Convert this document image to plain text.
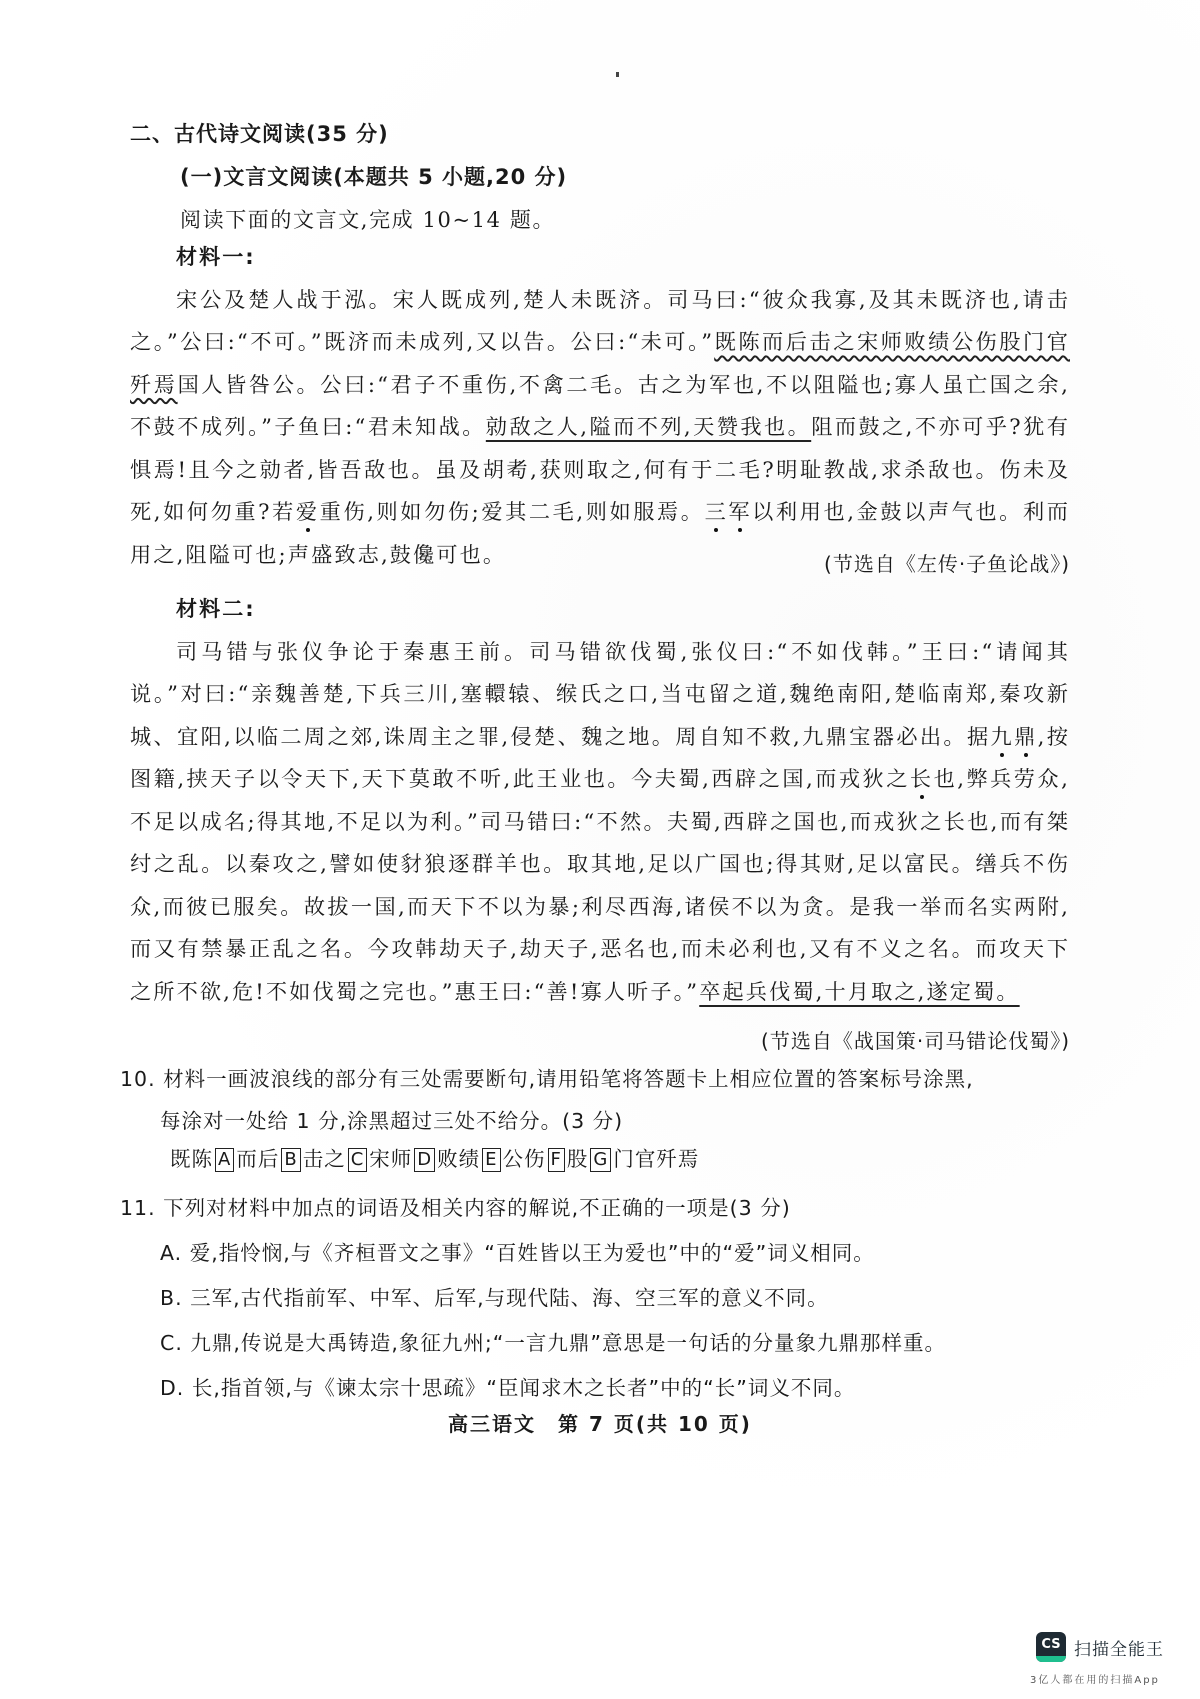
二、古代诗文阅读(35 分)
(一)文言文阅读(本题共 5 小题,20 分)
阅读下面的文言文,完成 10~14 题。

材料一:

宋公及楚人战于泓。宋人既成列,楚人未既济。司马曰:“彼众我寡,及其未既济也,请击之。”公曰:“不可。”既济而未成列,又以告。公曰:“未可。”既陈而后击之宋师败绩公伤股门官歼焉国人皆咎公。公曰:“君子不重伤,不禽二毛。古之为军也,不以阻隘也;寡人虽亡国之余,不鼓不成列。”子鱼曰:“君未知战。勍敌之人,隘而不列,天赞我也。阻而鼓之,不亦可乎?犹有惧焉!且今之勍者,皆吾敌也。虽及胡耇,获则取之,何有于二毛?明耻教战,求杀敌也。伤未及死,如何勿重?若爱重伤,则如勿伤;爱其二毛,则如服焉。三军以利用也,金鼓以声气也。利而用之,阻隘可也;声盛致志,鼓儳可也。	(节选自《左传·子鱼论战》)

材料二:

司马错与张仪争论于秦惠王前。司马错欲伐蜀,张仪曰:“不如伐韩。”王曰:“请闻其说。”对曰:“亲魏善楚,下兵三川,塞轘辕、缑氏之口,当屯留之道,魏绝南阳,楚临南郑,秦攻新城、宜阳,以临二周之郊,诛周主之罪,侵楚、魏之地。周自知不救,九鼎宝器必出。据九鼎,按图籍,挟天子以令天下,天下莫敢不听,此王业也。今夫蜀,西辟之国,而戎狄之长也,弊兵劳众,不足以成名;得其地,不足以为利。”司马错曰:“不然。夫蜀,西辟之国也,而戎狄之长也,而有桀纣之乱。以秦攻之,譬如使豺狼逐群羊也。取其地,足以广国也;得其财,足以富民。缮兵不伤众,而彼已服矣。故拔一国,而天下不以为暴;利尽西海,诸侯不以为贪。是我一举而名实两附,而又有禁暴正乱之名。今攻韩劫天子,劫天子,恶名也,而未必利也,又有不义之名。而攻天下之所不欲,危!不如伐蜀之完也。”惠王曰:“善!寡人听子。”卒起兵伐蜀,十月取之,遂定蜀。

(节选自《战国策·司马错论伐蜀》)
10. 材料一画波浪线的部分有三处需要断句,请用铅笔将答题卡上相应位置的答案标号涂黑,
每涂对一处给 1 分,涂黑超过三处不给分。(3 分)
既陈 A 而后 B 击之 C 宋师 D 败绩 E 公伤 F 股 G 门官歼焉
11. 下列对材料中加点的词语及相关内容的解说,不正确的一项是(3 分)
A. 爱,指怜悯,与《齐桓晋文之事》“百姓皆以王为爱也”中的“爱”词义相同。
B. 三军,古代指前军、中军、后军,与现代陆、海、空三军的意义不同。
C. 九鼎,传说是大禹铸造,象征九州;“一言九鼎”意思是一句话的分量象九鼎那样重。
D. 长,指首领,与《谏太宗十思疏》“臣闻求木之长者”中的“长”词义不同。
高三语文　第 7 页(共 10 页)
CS 扫描全能王
3亿人都在用的扫描App
